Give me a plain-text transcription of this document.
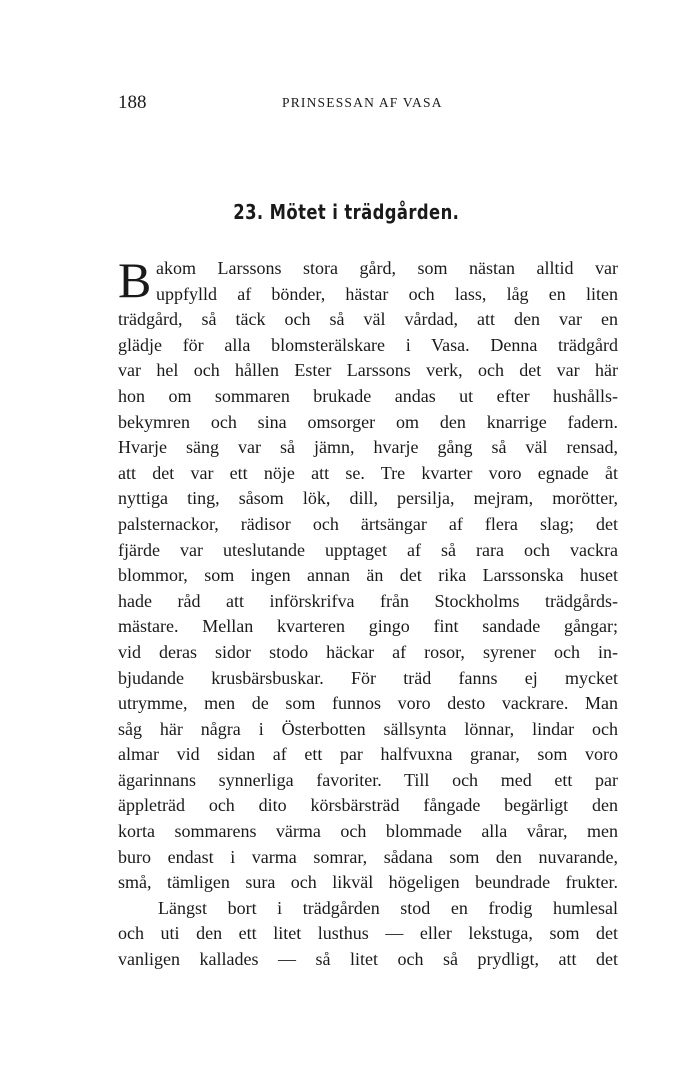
188	PRINSESSAN AF VASA
23. Mötet i trädgården.
B akom Larssons stora gård, som nästan alltid var
uppfylld af bönder, hästar och lass, låg en liten
trädgård, så täck och så väl vårdad, att den var en
glädje för alla blomsterälskare i Vasa. Denna trädgård
var hel och hållen Ester Larssons verk, och det var här
hon om sommaren brukade andas ut efter hushålls-
bekymren och sina omsorger om den knarrige fadern.
Hvarje säng var så jämn, hvarje gång så väl rensad,
att det var ett nöje att se. Tre kvarter voro egnade åt
nyttiga ting, såsom lök, dill, persilja, mejram, morötter,
palsternackor, rädisor och ärtsängar af flera slag; det
fjärde var uteslutande upptaget af så rara och vackra
blommor, som ingen annan än det rika Larssonska huset
hade råd att införskrifva från Stockholms trädgårds-
mästare. Mellan kvarteren gingo fint sandade gångar;
vid deras sidor stodo häckar af rosor, syrener och in-
bjudande krusbärsbuskar. För träd fanns ej mycket
utrymme, men de som funnos voro desto vackrare. Man
såg här några i Österbotten sällsynta lönnar, lindar och
almar vid sidan af ett par halfvuxna granar, som voro
ägarinnans synnerliga favoriter. Till och med ett par
äppleträd och dito körsbärsträd fångade begärligt den
korta sommarens värma och blommade alla vårar, men
buro endast i varma somrar, sådana som den nuvarande,
små, tämligen sura och likväl högeligen beundrade frukter.
Längst bort i trädgården stod en frodig humlesal
och uti den ett litet lusthus — eller lekstuga, som det
vanligen kallades — så litet och så prydligt, att det
